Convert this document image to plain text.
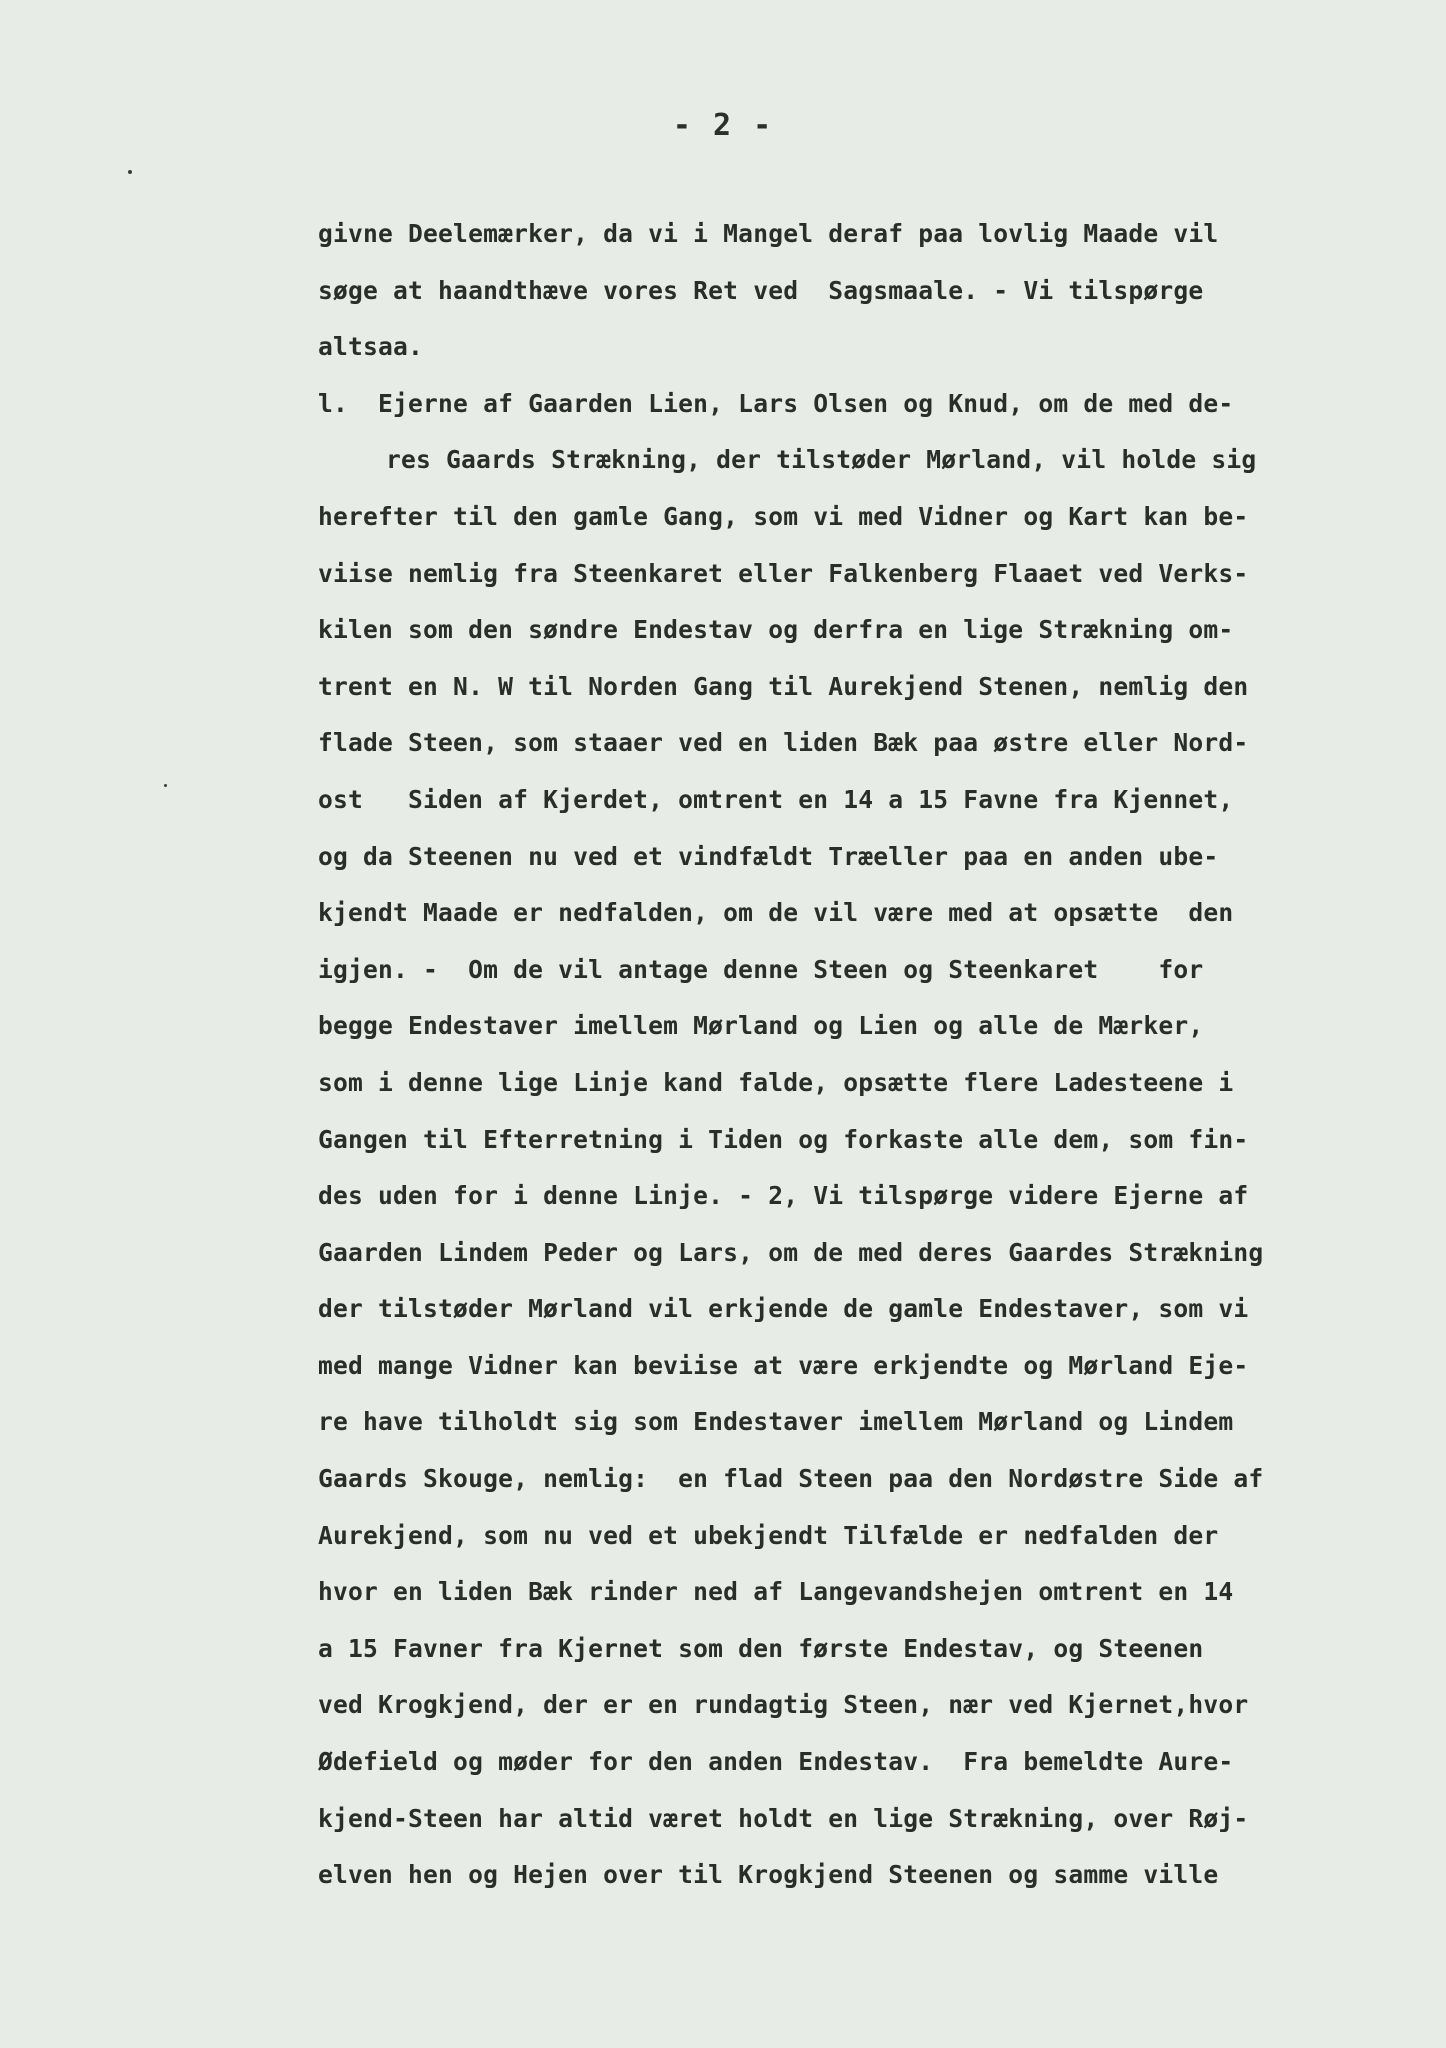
- 2 -
givne Deelemærker, da vi i Mangel deraf paa lovlig Maade vil
søge at haandthæve vores Ret ved  Sagsmaale. - Vi tilspørge
altsaa.
l.  Ejerne af Gaarden Lien, Lars Olsen og Knud, om de med de-
res Gaards Strækning, der tilstøder Mørland, vil holde sig
herefter til den gamle Gang, som vi med Vidner og Kart kan be-
viise nemlig fra Steenkaret eller Falkenberg Flaaet ved Verks-
kilen som den søndre Endestav og derfra en lige Strækning om-
trent en N. W til Norden Gang til Aurekjend Stenen, nemlig den
flade Steen, som staaer ved en liden Bæk paa østre eller Nord-
ost   Siden af Kjerdet, omtrent en 14 a 15 Favne fra Kjennet,
og da Steenen nu ved et vindfældt Træeller paa en anden ube-
kjendt Maade er nedfalden, om de vil være med at opsætte  den
igjen. -  Om de vil antage denne Steen og Steenkaret    for
begge Endestaver imellem Mørland og Lien og alle de Mærker,
som i denne lige Linje kand falde, opsætte flere Ladesteene i
Gangen til Efterretning i Tiden og forkaste alle dem, som fin-
des uden for i denne Linje. - 2, Vi tilspørge videre Ejerne af
Gaarden Lindem Peder og Lars, om de med deres Gaardes Strækning
der tilstøder Mørland vil erkjende de gamle Endestaver, som vi
med mange Vidner kan beviise at være erkjendte og Mørland Eje-
re have tilholdt sig som Endestaver imellem Mørland og Lindem
Gaards Skouge, nemlig:  en flad Steen paa den Nordøstre Side af
Aurekjend, som nu ved et ubekjendt Tilfælde er nedfalden der
hvor en liden Bæk rinder ned af Langevandshejen omtrent en 14
a 15 Favner fra Kjernet som den første Endestav, og Steenen
ved Krogkjend, der er en rundagtig Steen, nær ved Kjernet,hvor
Ødefield og møder for den anden Endestav.  Fra bemeldte Aure-
kjend-Steen har altid været holdt en lige Strækning, over Røj-
elven hen og Hejen over til Krogkjend Steenen og samme ville
